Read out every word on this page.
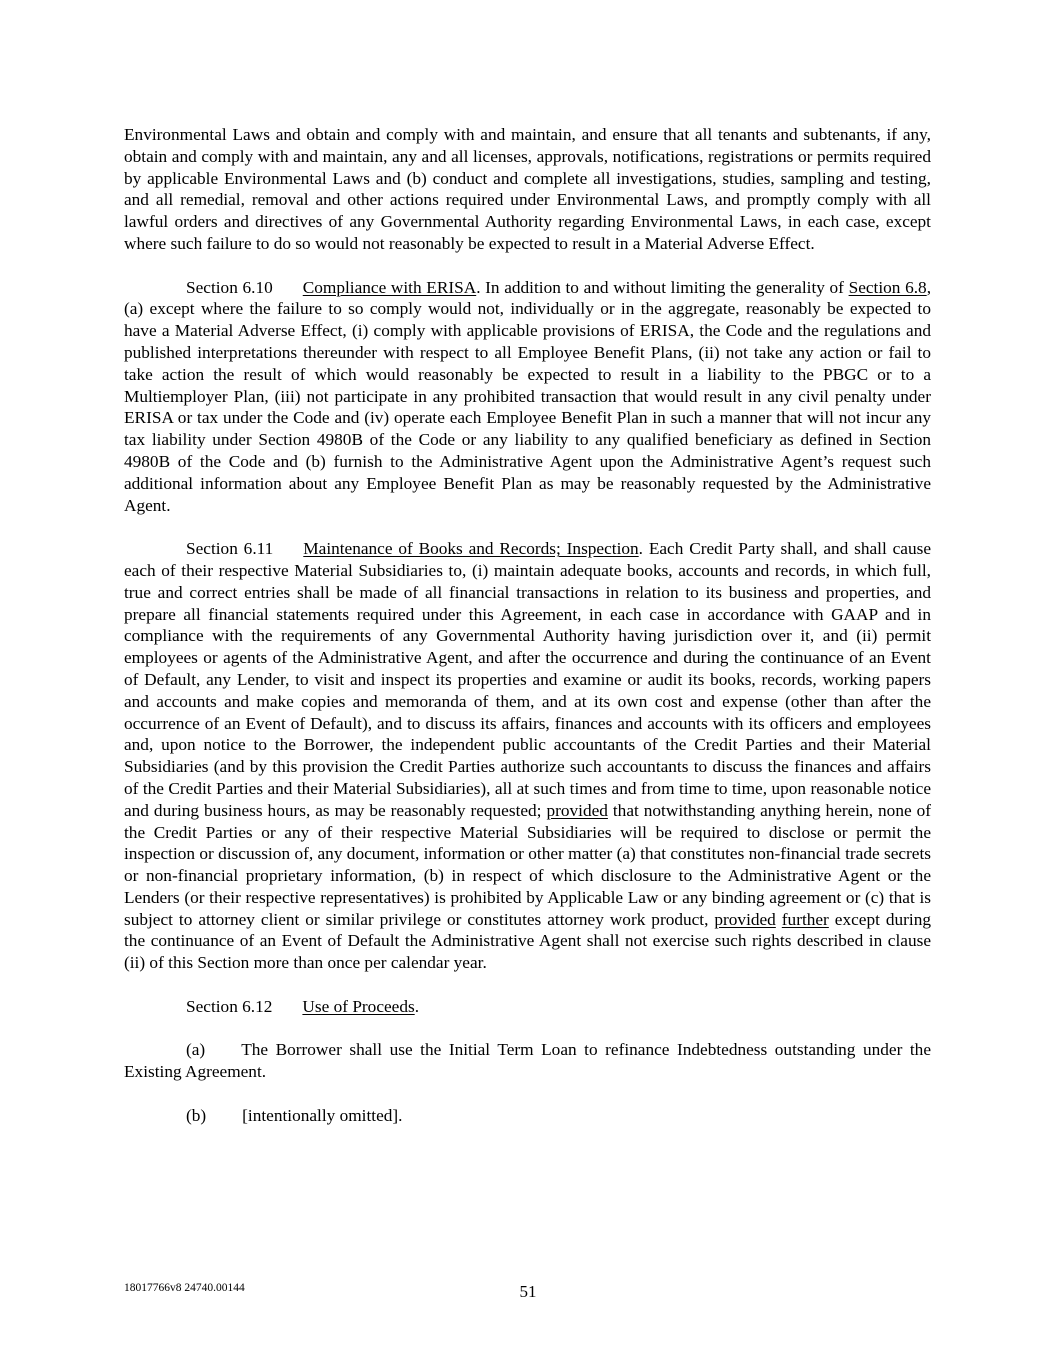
Environmental Laws and obtain and comply with and maintain, and ensure that all tenants and subtenants, if any, obtain and comply with and maintain, any and all licenses, approvals, notifications, registrations or permits required by applicable Environmental Laws and (b) conduct and complete all investigations, studies, sampling and testing, and all remedial, removal and other actions required under Environmental Laws, and promptly comply with all lawful orders and directives of any Governmental Authority regarding Environmental Laws, in each case, except where such failure to do so would not reasonably be expected to result in a Material Adverse Effect.

Section 6.10 Compliance with ERISA. In addition to and without limiting the generality of Section 6.8, (a) except where the failure to so comply would not, individually or in the aggregate, reasonably be expected to have a Material Adverse Effect, (i) comply with applicable provisions of ERISA, the Code and the regulations and published interpretations thereunder with respect to all Employee Benefit Plans, (ii) not take any action or fail to take action the result of which would reasonably be expected to result in a liability to the PBGC or to a Multiemployer Plan, (iii) not participate in any prohibited transaction that would result in any civil penalty under ERISA or tax under the Code and (iv) operate each Employee Benefit Plan in such a manner that will not incur any tax liability under Section 4980B of the Code or any liability to any qualified beneficiary as defined in Section 4980B of the Code and (b) furnish to the Administrative Agent upon the Administrative Agent’s request such additional information about any Employee Benefit Plan as may be reasonably requested by the Administrative Agent.

Section 6.11 Maintenance of Books and Records; Inspection. Each Credit Party shall, and shall cause each of their respective Material Subsidiaries to, (i) maintain adequate books, accounts and records, in which full, true and correct entries shall be made of all financial transactions in relation to its business and properties, and prepare all financial statements required under this Agreement, in each case in accordance with GAAP and in compliance with the requirements of any Governmental Authority having jurisdiction over it, and (ii) permit employees or agents of the Administrative Agent, and after the occurrence and during the continuance of an Event of Default, any Lender, to visit and inspect its properties and examine or audit its books, records, working papers and accounts and make copies and memoranda of them, and at its own cost and expense (other than after the occurrence of an Event of Default), and to discuss its affairs, finances and accounts with its officers and employees and, upon notice to the Borrower, the independent public accountants of the Credit Parties and their Material Subsidiaries (and by this provision the Credit Parties authorize such accountants to discuss the finances and affairs of the Credit Parties and their Material Subsidiaries), all at such times and from time to time, upon reasonable notice and during business hours, as may be reasonably requested; provided that notwithstanding anything herein, none of the Credit Parties or any of their respective Material Subsidiaries will be required to disclose or permit the inspection or discussion of, any document, information or other matter (a) that constitutes non-financial trade secrets or non-financial proprietary information, (b) in respect of which disclosure to the Administrative Agent or the Lenders (or their respective representatives) is prohibited by Applicable Law or any binding agreement or (c) that is subject to attorney client or similar privilege or constitutes attorney work product, provided further except during the continuance of an Event of Default the Administrative Agent shall not exercise such rights described in clause (ii) of this Section more than once per calendar year.

Section 6.12 Use of Proceeds.

(a) The Borrower shall use the Initial Term Loan to refinance Indebtedness outstanding under the Existing Agreement.

(b) [intentionally omitted].

18017766v8 24740.00144	51
